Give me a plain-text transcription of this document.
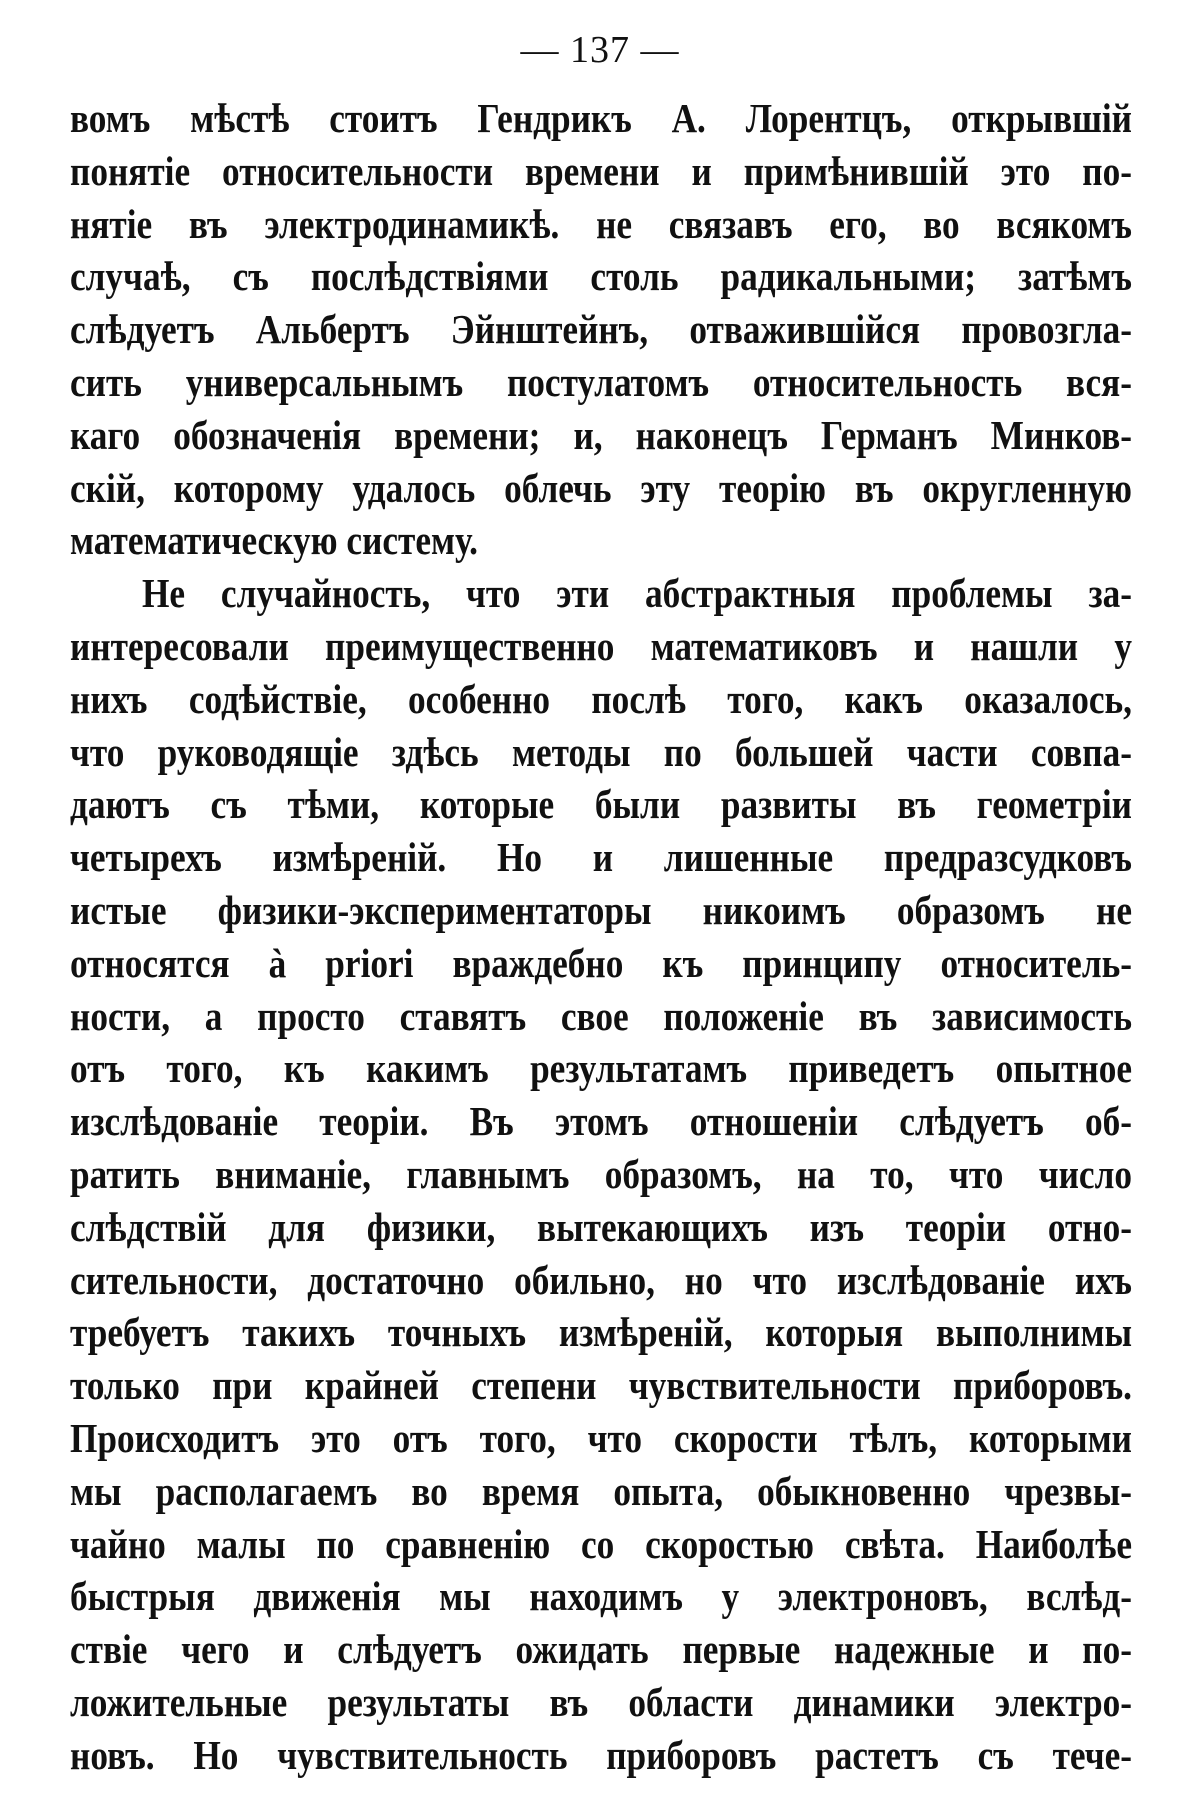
— 137 —
вомъ мѣстѣ стоитъ Гендрикъ А. Лорентцъ, открывшій
понятіе относительности времени и примѣнившій это по-
нятіе въ электродинамикѣ. не связавъ его, во всякомъ
случаѣ, съ послѣдствіями столь радикальными; затѣмъ
слѣдуетъ Альбертъ Эйнштейнъ, отважившійся провозгла-
сить универсальнымъ постулатомъ относительность вся-
каго обозначенія времени; и, наконецъ Германъ Минков-
скій, которому удалось облечь эту теорію въ округленную
математическую систему.
Не случайность, что эти абстрактныя проблемы за-
интересовали преимущественно математиковъ и нашли у
нихъ содѣйствіе, особенно послѣ того, какъ оказалось,
что руководящіе здѣсь методы по большей части совпа-
даютъ съ тѣми, которые были развиты въ геометріи
четырехъ измѣреній. Но и лишенные предразсудковъ
истые физики-экспериментаторы никоимъ образомъ не
относятся à priori враждебно къ принципу относитель-
ности, а просто ставятъ свое положеніе въ зависимость
отъ того, къ какимъ результатамъ приведетъ опытное
изслѣдованіе теоріи. Въ этомъ отношеніи слѣдуетъ об-
ратить вниманіе, главнымъ образомъ, на то, что число
слѣдствій для физики, вытекающихъ изъ теоріи отно-
сительности, достаточно обильно, но что изслѣдованіе ихъ
требуетъ такихъ точныхъ измѣреній, которыя выполнимы
только при крайней степени чувствительности приборовъ.
Происходитъ это отъ того, что скорости тѣлъ, которыми
мы располагаемъ во время опыта, обыкновенно чрезвы-
чайно малы по сравненію со скоростью свѣта. Наиболѣе
быстрыя движенія мы находимъ у электроновъ, вслѣд-
ствіе чего и слѣдуетъ ожидать первые надежные и по-
ложительные результаты въ области динамики электро-
новъ. Но чувствительность приборовъ растетъ съ тече-
